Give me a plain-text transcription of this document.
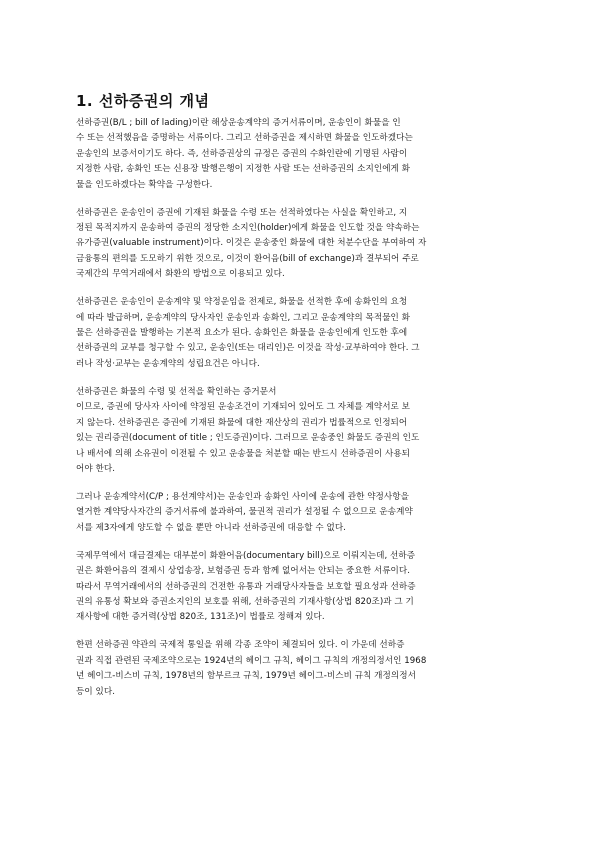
1. 선하증권의 개념

선하증권(B/L ; bill of lading)이란 해상운송계약의 증거서류이며, 운송인이 화물을 인
수 또는 선적했음을 증명하는 서류이다. 그리고 선하증권을 제시하면 화물을 인도하겠다는
운송인의 보증서이기도 하다. 즉, 선하증권상의 규정은 증권의 수화인란에 기명된 사람이
지정한 사람, 송화인 또는 신용장 발행은행이 지정한 사람 또는 선하증권의 소지인에게 화
물을 인도하겠다는 확약을 구성한다.

선하증권은 운송인이 증권에 기재된 화물을 수령 또는 선적하였다는 사실을 확인하고, 지
정된 목적지까지 운송하여 증권의 정당한 소지인(holder)에게 화물을 인도할 것을 약속하는
유가증권(valuable instrument)이다. 이것은 운송중인 화물에 대한 처분수단을 부여하여 자
금융통의 편의를 도모하기 위한 것으로, 이것이 환어음(bill of exchange)과 결부되어 주로
국제간의 무역거래에서 화환의 방법으로 이용되고 있다.

선하증권은 운송인이 운송계약 및 약정운임을 전제로, 화물을 선적한 후에 송화인의 요청
에 따라 발급하며, 운송계약의 당사자인 운송인과 송화인, 그리고 운송계약의 목적물인 화
물은 선하증권을 발행하는 기본적 요소가 된다. 송화인은 화물을 운송인에게 인도한 후에
선하증권의 교부를 청구할 수 있고, 운송인(또는 대리인)은 이것을 작성·교부하여야 한다. 그
러나 작성·교부는 운송계약의 성립요건은 아니다.

선하증권은 화물의 수령 및 선적을 확인하는 증거문서
이므로, 증권에 당사자 사이에 약정된 운송조건이 기재되어 있어도 그 자체를 계약서로 보
지 않는다. 선하증권은 증권에 기재된 화물에 대한 재산상의 권리가 법률적으로 인정되어
있는 권리증권(document of title ; 인도증권)이다. 그러므로 운송중인 화물도 증권의 인도
나 배서에 의해 소유권이 이전될 수 있고 운송물을 처분할 때는 반드시 선하증권이 사용되
어야 한다.

그러나 운송계약서(C/P ; 용선계약서)는 운송인과 송화인 사이에 운송에 관한 약정사항을
열거한 계약당사자간의 증거서류에 불과하여, 물권적 권리가 설정될 수 없으므로 운송계약
서를 제3자에게 양도할 수 없을 뿐만 아니라 선하증권에 대응할 수 없다.

국제무역에서 대금결제는 대부분이 화환어음(documentary bill)으로 이뤄지는데, 선하증
권은 화환어음의 결제시 상업송장, 보험증권 등과 함께 없어서는 안되는 중요한 서류이다.
따라서 무역거래에서의 선하증권의 건전한 유통과 거래당사자들을 보호할 필요성과 선하증
권의 유통성 확보와 증권소지인의 보호를 위해, 선하증권의 기재사항(상법 820조)과 그 기
재사항에 대한 증거력(상법 820조, 131조)이 법률로 정해져 있다.

한편 선하증권 약관의 국제적 통일을 위해 각종 조약이 체결되어 있다. 이 가운데 선하증
권과 직접 관련된 국제조약으로는 1924년의 헤이그 규칙, 헤이그 규칙의 개정의정서인 1968
년 헤이그-비스비 규칙, 1978년의 함부르크 규칙, 1979년 헤이그-비스비 규칙 개정의정서
등이 있다.
